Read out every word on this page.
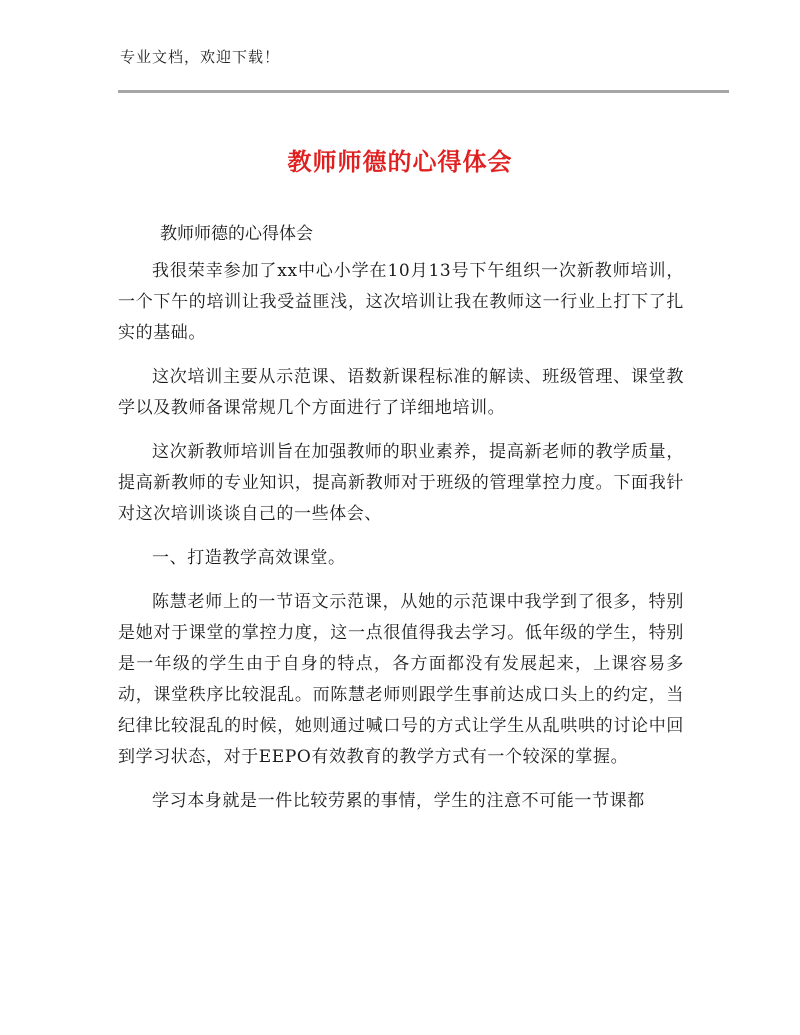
专业文档，欢迎下载！
教师师德的心得体会
教师师德的心得体会

我很荣幸参加了xx中心小学在10月13号下午组织一次新教师培训，一个下午的培训让我受益匪浅，这次培训让我在教师这一行业上打下了扎实的基础。

这次培训主要从示范课、语数新课程标准的解读、班级管理、课堂教学以及教师备课常规几个方面进行了详细地培训。

这次新教师培训旨在加强教师的职业素养，提高新老师的教学质量，提高新教师的专业知识，提高新教师对于班级的管理掌控力度。下面我针对这次培训谈谈自己的一些体会、

一、打造教学高效课堂。

陈慧老师上的一节语文示范课，从她的示范课中我学到了很多，特别是她对于课堂的掌控力度，这一点很值得我去学习。低年级的学生，特别是一年级的学生由于自身的特点，各方面都没有发展起来，上课容易多动，课堂秩序比较混乱。而陈慧老师则跟学生事前达成口头上的约定，当纪律比较混乱的时候，她则通过喊口号的方式让学生从乱哄哄的讨论中回到学习状态，对于EEPO有效教育的教学方式有一个较深的掌握。

学习本身就是一件比较劳累的事情，学生的注意不可能一节课都
